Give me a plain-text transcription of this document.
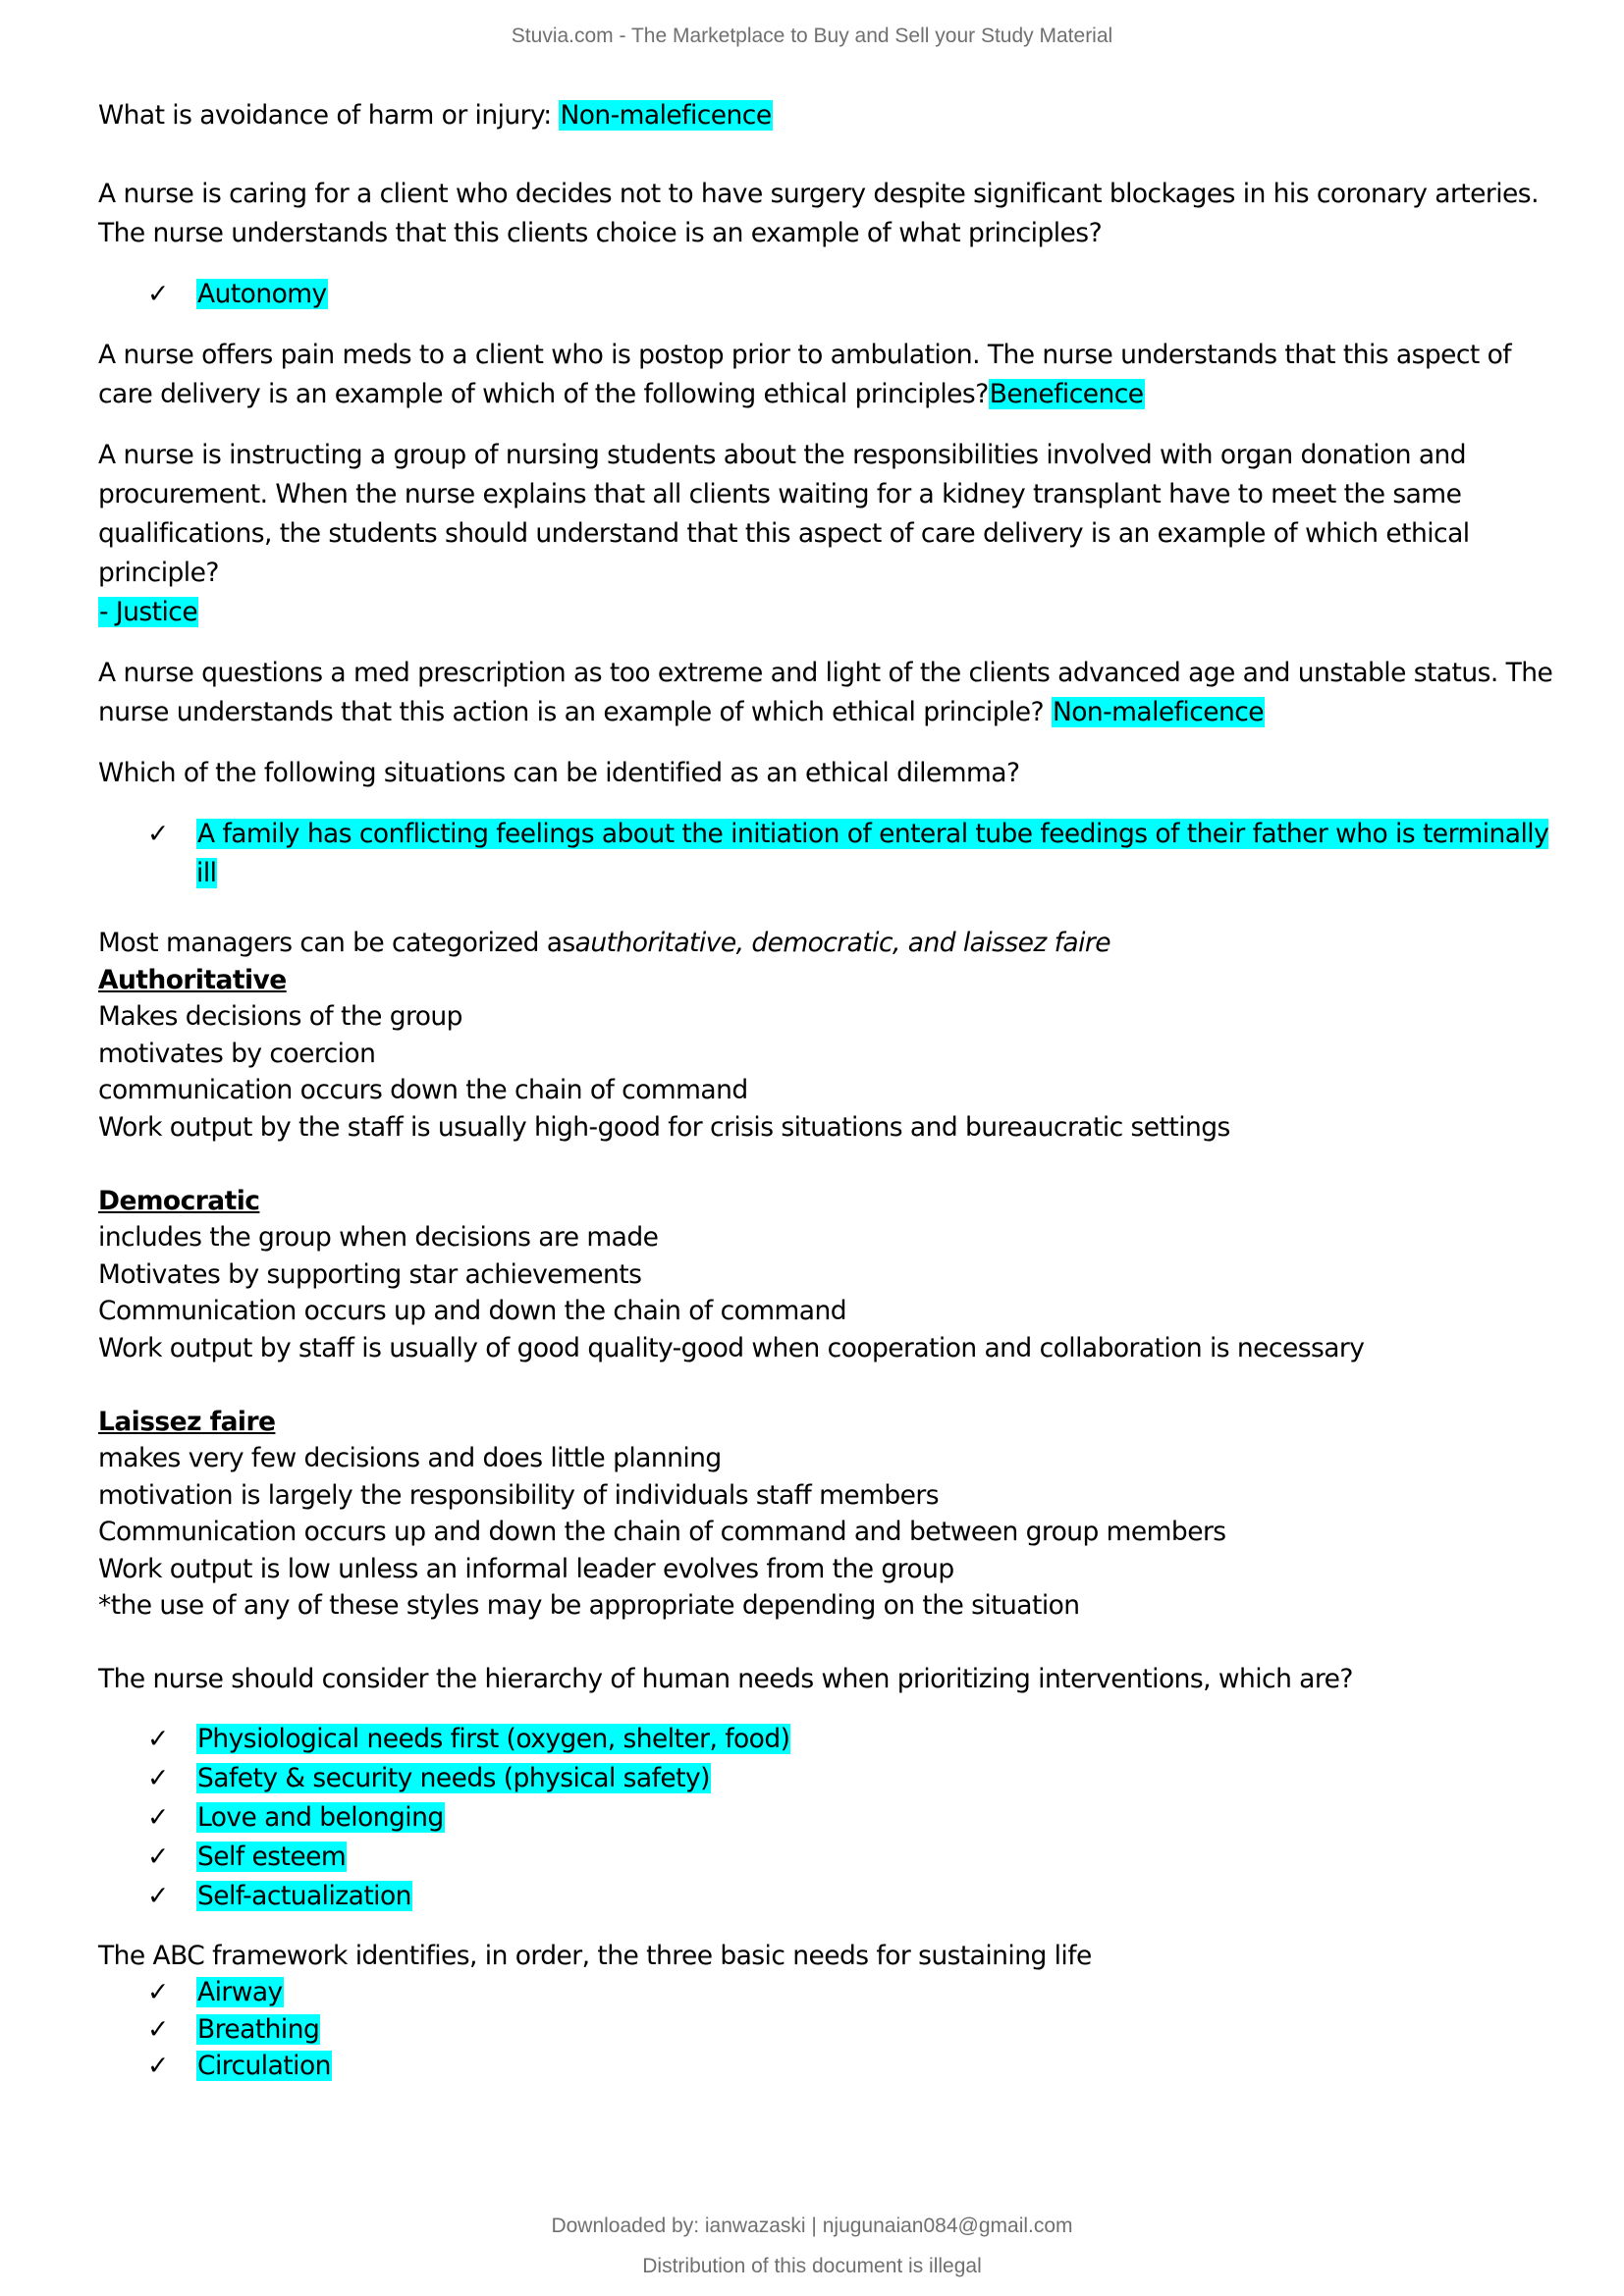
Stuvia.com - The Marketplace to Buy and Sell your Study Material

What is avoidance of harm or injury: Non-maleficence

A nurse is caring for a client who decides not to have surgery despite significant blockages in his coronary arteries. The nurse understands that this clients choice is an example of what principles?

✓	Autonomy

A nurse offers pain meds to a client who is postop prior to ambulation. The nurse understands that this aspect of care delivery is an example of which of the following ethical principles?Beneficence

A nurse is instructing a group of nursing students about the responsibilities involved with organ donation and procurement. When the nurse explains that all clients waiting for a kidney transplant have to meet the same qualifications, the students should understand that this aspect of care delivery is an example of which ethical principle?

- Justice

A nurse questions a med prescription as too extreme and light of the clients advanced age and unstable status. The nurse understands that this action is an example of which ethical principle? Non-maleficence

Which of the following situations can be identified as an ethical dilemma?

✓	A family has conflicting feelings about the initiation of enteral tube feedings of their father who is terminally ill

Most managers can be categorized asauthoritative, democratic, and laissez faire

Authoritative

Makes decisions of the group

motivates by coercion

communication occurs down the chain of command

Work output by the staff is usually high-good for crisis situations and bureaucratic settings

Democratic

includes the group when decisions are made

Motivates by supporting star achievements

Communication occurs up and down the chain of command

Work output by staff is usually of good quality-good when cooperation and collaboration is necessary

Laissez faire

makes very few decisions and does little planning

motivation is largely the responsibility of individuals staff members

Communication occurs up and down the chain of command and between group members

Work output is low unless an informal leader evolves from the group

*the use of any of these styles may be appropriate depending on the situation

The nurse should consider the hierarchy of human needs when prioritizing interventions, which are?

✓	Physiological needs first (oxygen, shelter, food)
✓	Safety & security needs (physical safety)
✓	Love and belonging
✓	Self esteem
✓	Self-actualization

The ABC framework identifies, in order, the three basic needs for sustaining life

✓	Airway
✓	Breathing
✓	Circulation
Downloaded by: ianwazaski | njugunaian084@gmail.com
Distribution of this document is illegal
